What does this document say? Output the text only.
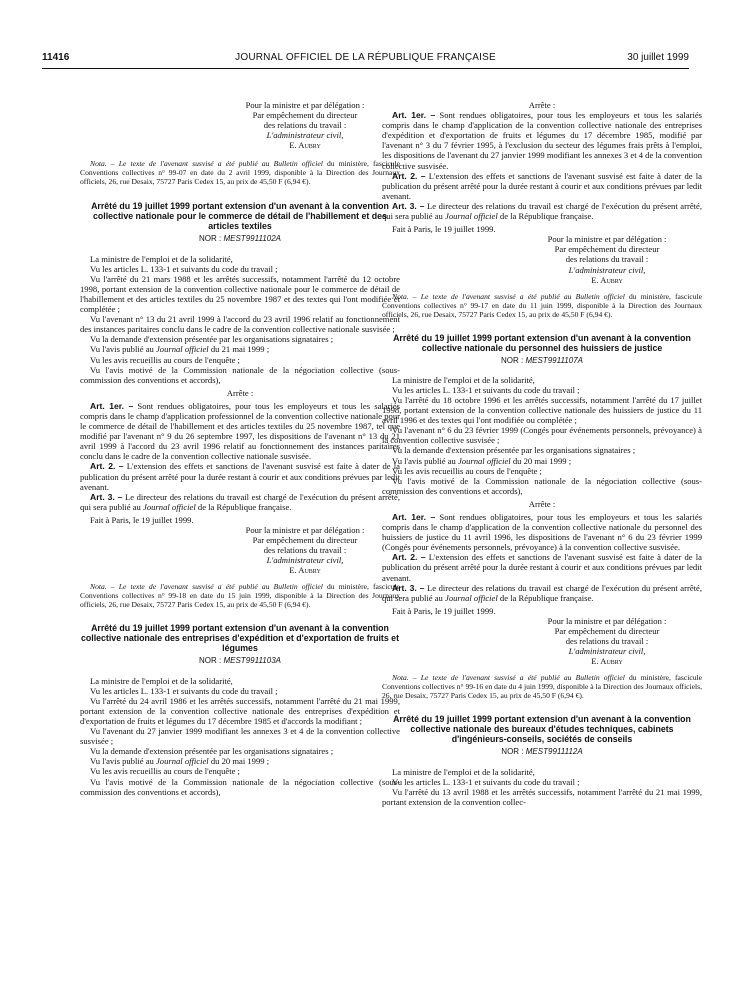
11416	JOURNAL OFFICIEL DE LA RÉPUBLIQUE FRANÇAISE	30 juillet 1999
Pour la ministre et par délégation :
Par empêchement du directeur
des relations du travail :
L'administrateur civil,
E. Aubry

Nota. – Le texte de l'avenant susvisé a été publié au Bulletin officiel du ministère, fascicule Conventions collectives n° 99-07 en date du 2 avril 1999, disponible à la Direction des Journaux officiels, 26, rue Desaix, 75727 Paris Cedex 15, au prix de 45,50 F (6,94 €).

Arrêté du 19 juillet 1999 portant extension d'un avenant à la convention collective nationale pour le commerce de détail de l'habillement et des articles textiles
NOR : MEST9911102A

La ministre de l'emploi et de la solidarité,

Vu les articles L. 133-1 et suivants du code du travail ;

Vu l'arrêté du 21 mars 1988 et les arrêtés successifs, notamment l'arrêté du 12 octobre 1998, portant extension de la convention collective nationale pour le commerce de détail de l'habillement et des articles textiles du 25 novembre 1987 et des textes qui l'ont modifiée et complétée ;

Vu l'avenant n° 13 du 21 avril 1999 à l'accord du 23 avril 1996 relatif au fonctionnement des instances paritaires conclu dans le cadre de la convention collective nationale susvisée ;

Vu la demande d'extension présentée par les organisations signataires ;

Vu l'avis publié au Journal officiel du 21 mai 1999 ;

Vu les avis recueillis au cours de l'enquête ;

Vu l'avis motivé de la Commission nationale de la négociation collective (sous-commission des conventions et accords),

Arrête :

Art. 1er. – Sont rendues obligatoires, pour tous les employeurs et tous les salariés compris dans le champ d'application professionnel de la convention collective nationale pour le commerce de détail de l'habillement et des articles textiles du 25 novembre 1987, tel que modifié par l'avenant n° 9 du 26 septembre 1997, les dispositions de l'avenant n° 13 du 21 avril 1999 à l'accord du 23 avril 1996 relatif au fonctionnement des instances paritaires conclu dans le cadre de la convention collective nationale susvisée.

Art. 2. – L'extension des effets et sanctions de l'avenant susvisé est faite à dater de la publication du présent arrêté pour la durée restant à courir et aux conditions prévues par ledit avenant.

Art. 3. – Le directeur des relations du travail est chargé de l'exécution du présent arrêté, qui sera publié au Journal officiel de la République française.

Fait à Paris, le 19 juillet 1999.

Pour la ministre et par délégation :
Par empêchement du directeur
des relations du travail :
L'administrateur civil,
E. Aubry

Nota. – Le texte de l'avenant susvisé a été publié au Bulletin officiel du ministère, fascicule Conventions collectives n° 99-18 en date du 15 juin 1999, disponible à la Direction des Journaux officiels, 26, rue Desaix, 75727 Paris Cedex 15, au prix de 45,50 F (6,94 €).

Arrêté du 19 juillet 1999 portant extension d'un avenant à la convention collective nationale des entreprises d'expédition et d'exportation de fruits et légumes
NOR : MEST9911103A

La ministre de l'emploi et de la solidarité,

Vu les articles L. 133-1 et suivants du code du travail ;

Vu l'arrêté du 24 avril 1986 et les arrêtés successifs, notamment l'arrêté du 21 mai 1999, portant extension de la convention collective nationale des entreprises d'expédition et d'exportation de fruits et légumes du 17 décembre 1985 et d'accords la modifiant ;

Vu l'avenant du 27 janvier 1999 modifiant les annexes 3 et 4 de la convention collective susvisée ;

Vu la demande d'extension présentée par les organisations signataires ;

Vu l'avis publié au Journal officiel du 20 mai 1999 ;

Vu les avis recueillis au cours de l'enquête ;

Vu l'avis motivé de la Commission nationale de la négociation collective (sous-commission des conventions et accords),

Arrête :

Art. 1er. – Sont rendues obligatoires, pour tous les employeurs et tous les salariés compris dans le champ d'application de la convention collective nationale des entreprises d'expédition et d'exportation de fruits et légumes du 17 décembre 1985, modifié par l'avenant n° 3 du 7 février 1995, à l'exclusion du secteur des légumes frais prêts à l'emploi, les dispositions de l'avenant du 27 janvier 1999 modifiant les annexes 3 et 4 de la convention collective susvisée.

Art. 2. – L'extension des effets et sanctions de l'avenant susvisé est faite à dater de la publication du présent arrêté pour la durée restant à courir et aux conditions prévues par ledit avenant.

Art. 3. – Le directeur des relations du travail est chargé de l'exécution du présent arrêté, qui sera publié au Journal officiel de la République française.

Fait à Paris, le 19 juillet 1999.

Pour la ministre et par délégation :
Par empêchement du directeur
des relations du travail :
L'administrateur civil,
E. Aubry

Nota. – Le texte de l'avenant susvisé a été publié au Bulletin officiel du ministère, fascicule Conventions collectives n° 99-17 en date du 11 juin 1999, disponible à la Direction des Journaux officiels, 26, rue Desaix, 75727 Paris Cedex 15, au prix de 45,50 F (6,94 €).

Arrêté du 19 juillet 1999 portant extension d'un avenant à la convention collective nationale du personnel des huissiers de justice
NOR : MEST9911107A

La ministre de l'emploi et de la solidarité,

Vu les articles L. 133-1 et suivants du code du travail ;

Vu l'arrêté du 18 octobre 1996 et les arrêtés successifs, notamment l'arrêté du 17 juillet 1998, portant extension de la convention collective nationale des huissiers de justice du 11 avril 1996 et des textes qui l'ont modifiée ou complétée ;

Vu l'avenant n° 6 du 23 février 1999 (Congés pour événements personnels, prévoyance) à la convention collective susvisée ;

Vu la demande d'extension présentée par les organisations signataires ;

Vu l'avis publié au Journal officiel du 20 mai 1999 ;

Vu les avis recueillis au cours de l'enquête ;

Vu l'avis motivé de la Commission nationale de la négociation collective (sous-commission des conventions et accords),

Arrête :

Art. 1er. – Sont rendues obligatoires, pour tous les employeurs et tous les salariés compris dans le champ d'application de la convention collective nationale du personnel des huissiers de justice du 11 avril 1996, les dispositions de l'avenant n° 6 du 23 février 1999 (Congés pour événements personnels, prévoyance) à la convention collective susvisée.

Art. 2. – L'extension des effets et sanctions de l'avenant susvisé est faite à dater de la publication du présent arrêté pour la durée restant à courir et aux conditions prévues par ledit avenant.

Art. 3. – Le directeur des relations du travail est chargé de l'exécution du présent arrêté, qui sera publié au Journal officiel de la République française.

Fait à Paris, le 19 juillet 1999.

Pour la ministre et par délégation :
Par empêchement du directeur
des relations du travail :
L'administrateur civil,
E. Aubry

Nota. – Le texte de l'avenant susvisé a été publié au Bulletin officiel du ministère, fascicule Conventions collectives n° 99-16 en date du 4 juin 1999, disponible à la Direction des Journaux officiels, 26, rue Desaix, 75727 Paris Cedex 15, au prix de 45,50 F (6,94 €).

Arrêté du 19 juillet 1999 portant extension d'un avenant à la convention collective nationale des bureaux d'études techniques, cabinets d'ingénieurs-conseils, sociétés de conseils
NOR : MEST9911112A

La ministre de l'emploi et de la solidarité,

Vu les articles L. 133-1 et suivants du code du travail ;

Vu l'arrêté du 13 avril 1988 et les arrêtés successifs, notamment l'arrêté du 21 mai 1999, portant extension de la convention collec-
